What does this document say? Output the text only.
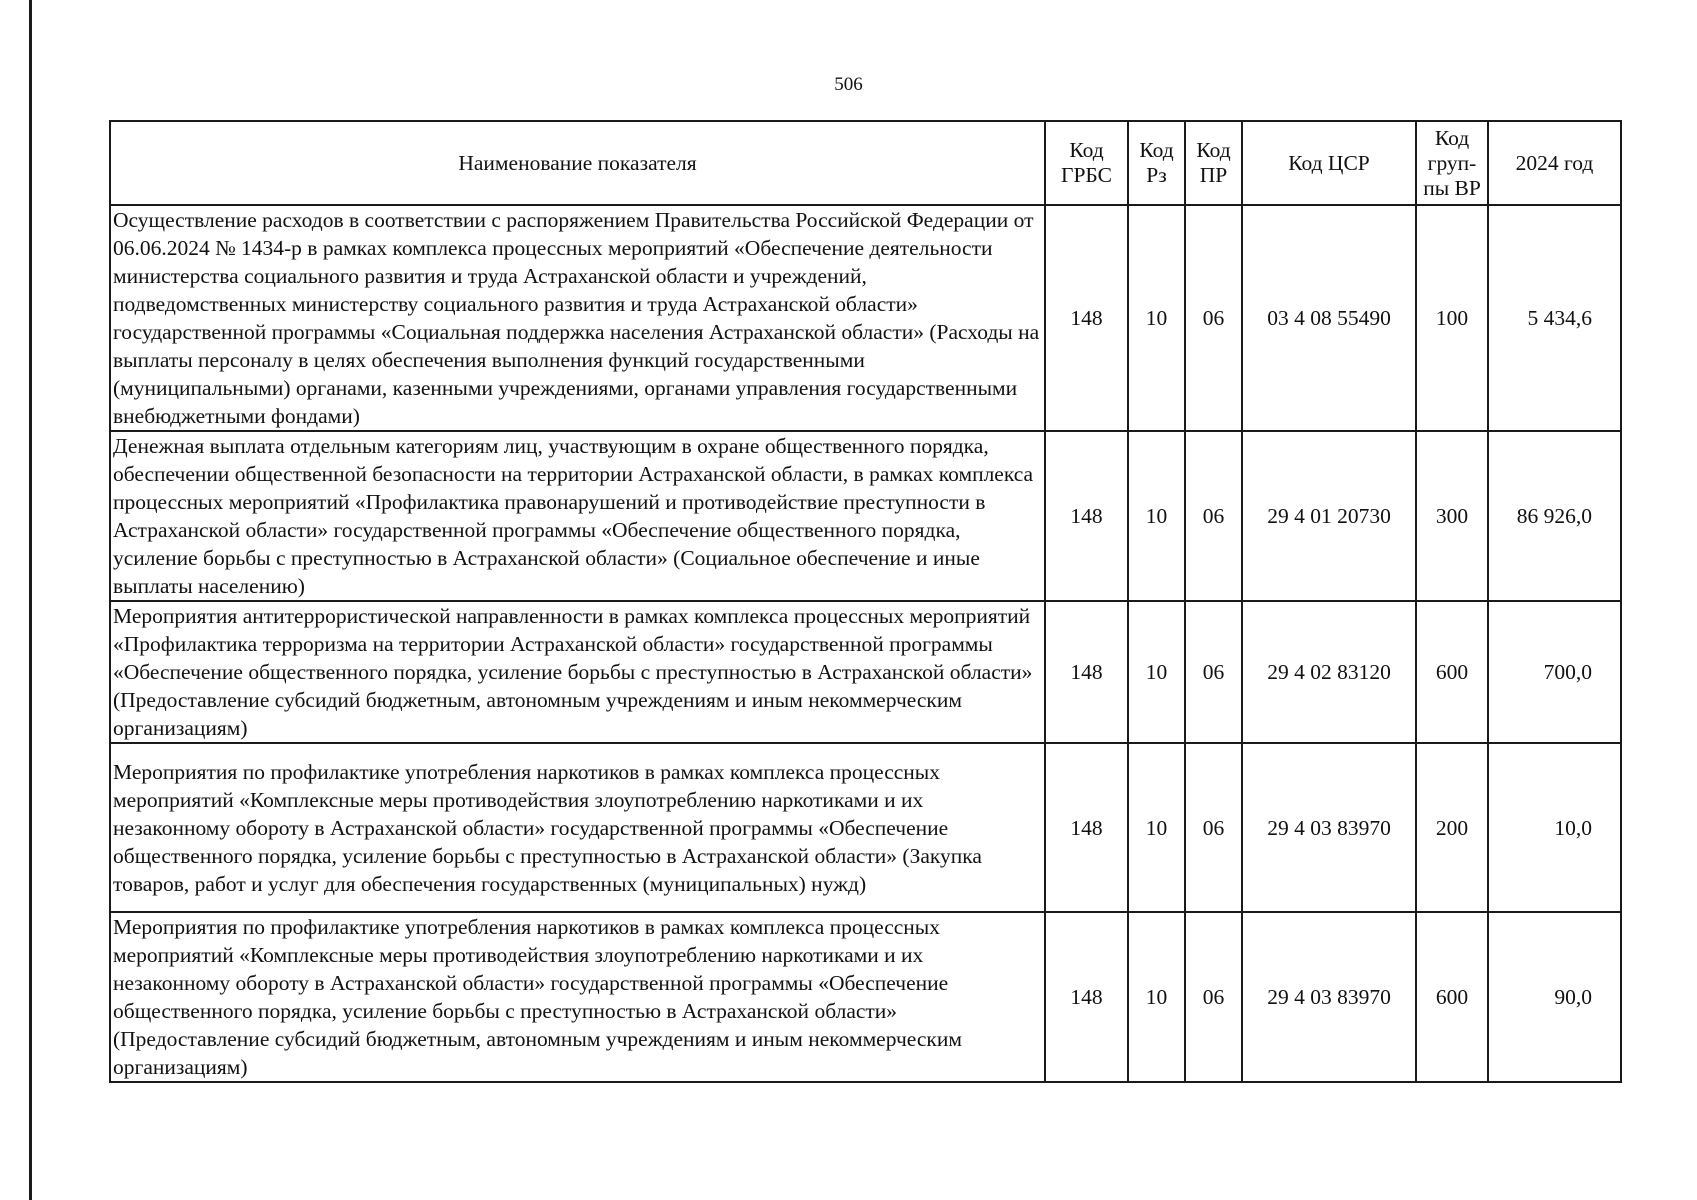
506
Наименование показателя	Код ГРБС	Код Рз	Код ПР	Код ЦСР	Код груп-пы ВР	2024 год
Осуществление расходов в соответствии с распоряжением Правительства Российской Федерации от 06.06.2024 № 1434-р в рамках комплекса процессных мероприятий «Обеспечение деятельности министерства социального развития и труда Астраханской области и учреждений, подведомственных министерству социального развития и труда Астраханской области» государственной программы «Социальная поддержка населения Астраханской области» (Расходы на выплаты персоналу в целях обеспечения выполнения функций государственными (муниципальными) органами, казенными учреждениями, органами управления государственными внебюджетными фондами)	148	10	06	03 4 08 55490	100	5 434,6
Денежная выплата отдельным категориям лиц, участвующим в охране общественного порядка, обеспечении общественной безопасности на территории Астраханской области, в рамках комплекса процессных мероприятий «Профилактика правонарушений и противодействие преступности в Астраханской области» государственной программы «Обеспечение общественного порядка, усиление борьбы с преступностью в Астраханской области» (Социальное обеспечение и иные выплаты населению)	148	10	06	29 4 01 20730	300	86 926,0
Мероприятия антитеррористической направленности в рамках комплекса процессных мероприятий «Профилактика терроризма на территории Астраханской области» государственной программы «Обеспечение общественного порядка, усиление борьбы с преступностью в Астраханской области» (Предоставление субсидий бюджетным, автономным учреждениям и иным некоммерческим организациям)	148	10	06	29 4 02 83120	600	700,0
Мероприятия по профилактике употребления наркотиков в рамках комплекса процессных мероприятий «Комплексные меры противодействия злоупотреблению наркотиками и их незаконному обороту в Астраханской области» государственной программы «Обеспечение общественного порядка, усиление борьбы с преступностью в Астраханской области» (Закупка товаров, работ и услуг для обеспечения государственных (муниципальных) нужд)	148	10	06	29 4 03 83970	200	10,0
Мероприятия по профилактике употребления наркотиков в рамках комплекса процессных мероприятий «Комплексные меры противодействия злоупотреблению наркотиками и их незаконному обороту в Астраханской области» государственной программы «Обеспечение общественного порядка, усиление борьбы с преступностью в Астраханской области» (Предоставление субсидий бюджетным, автономным учреждениям и иным некоммерческим организациям)	148	10	06	29 4 03 83970	600	90,0
